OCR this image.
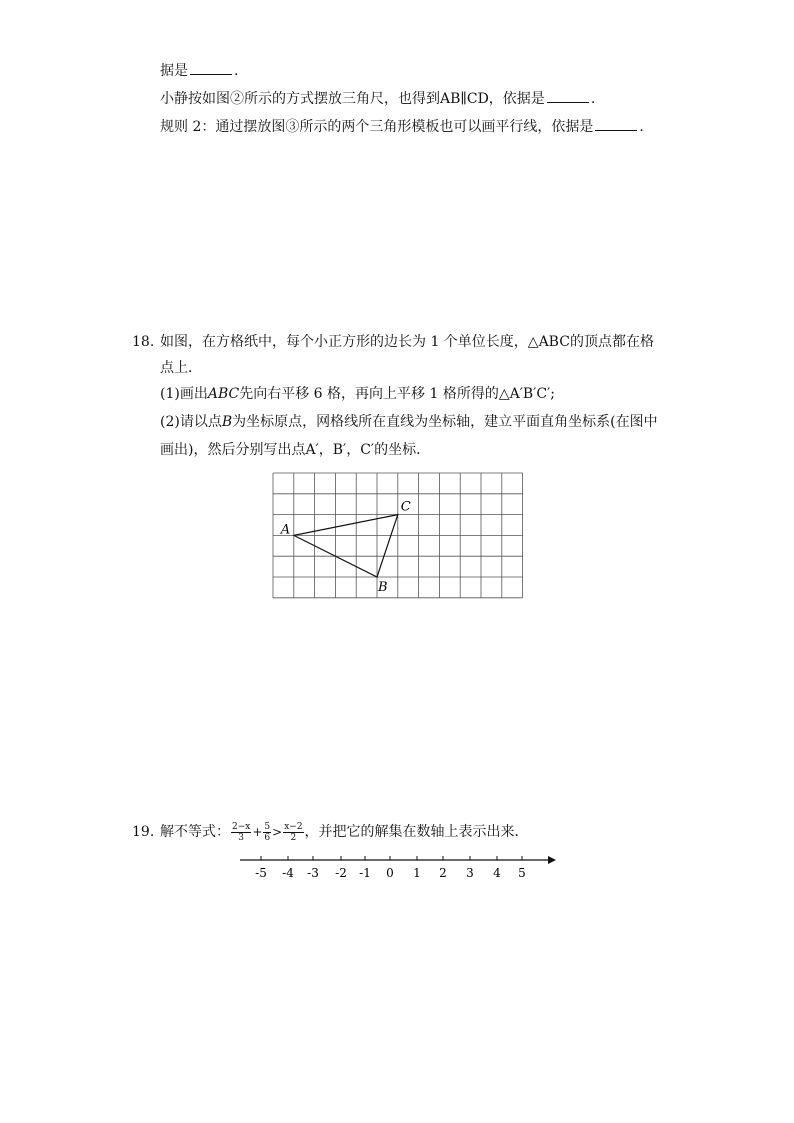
据是	.
小静按如图②所示的方式摆放三角尺，也得到AB∥CD，依据是	.
规则 2：通过摆放图③所示的两个三角形模板也可以画平行线，依据是	.
18. 如图，在方格纸中，每个小正方形的边长为 1 个单位长度，△ABC的顶点都在格
点上．
(1)画出ABC先向右平移 6 格，再向上平移 1 格所得的△A′B′C′;
(2)请以点B为坐标原点，网格线所在直线为坐标轴，建立平面直角坐标系(在图中
画出)，然后分别写出点A′，B′，C′的坐标．
A
B
C
19. 解不等式： $\frac{2-x}{3} + \frac{5}{6} > \frac{x-2}{2}$ ，并把它的解集在数轴上表示出来．
-5 -4 -3 -2 -1 0 1 2 3 4 5
